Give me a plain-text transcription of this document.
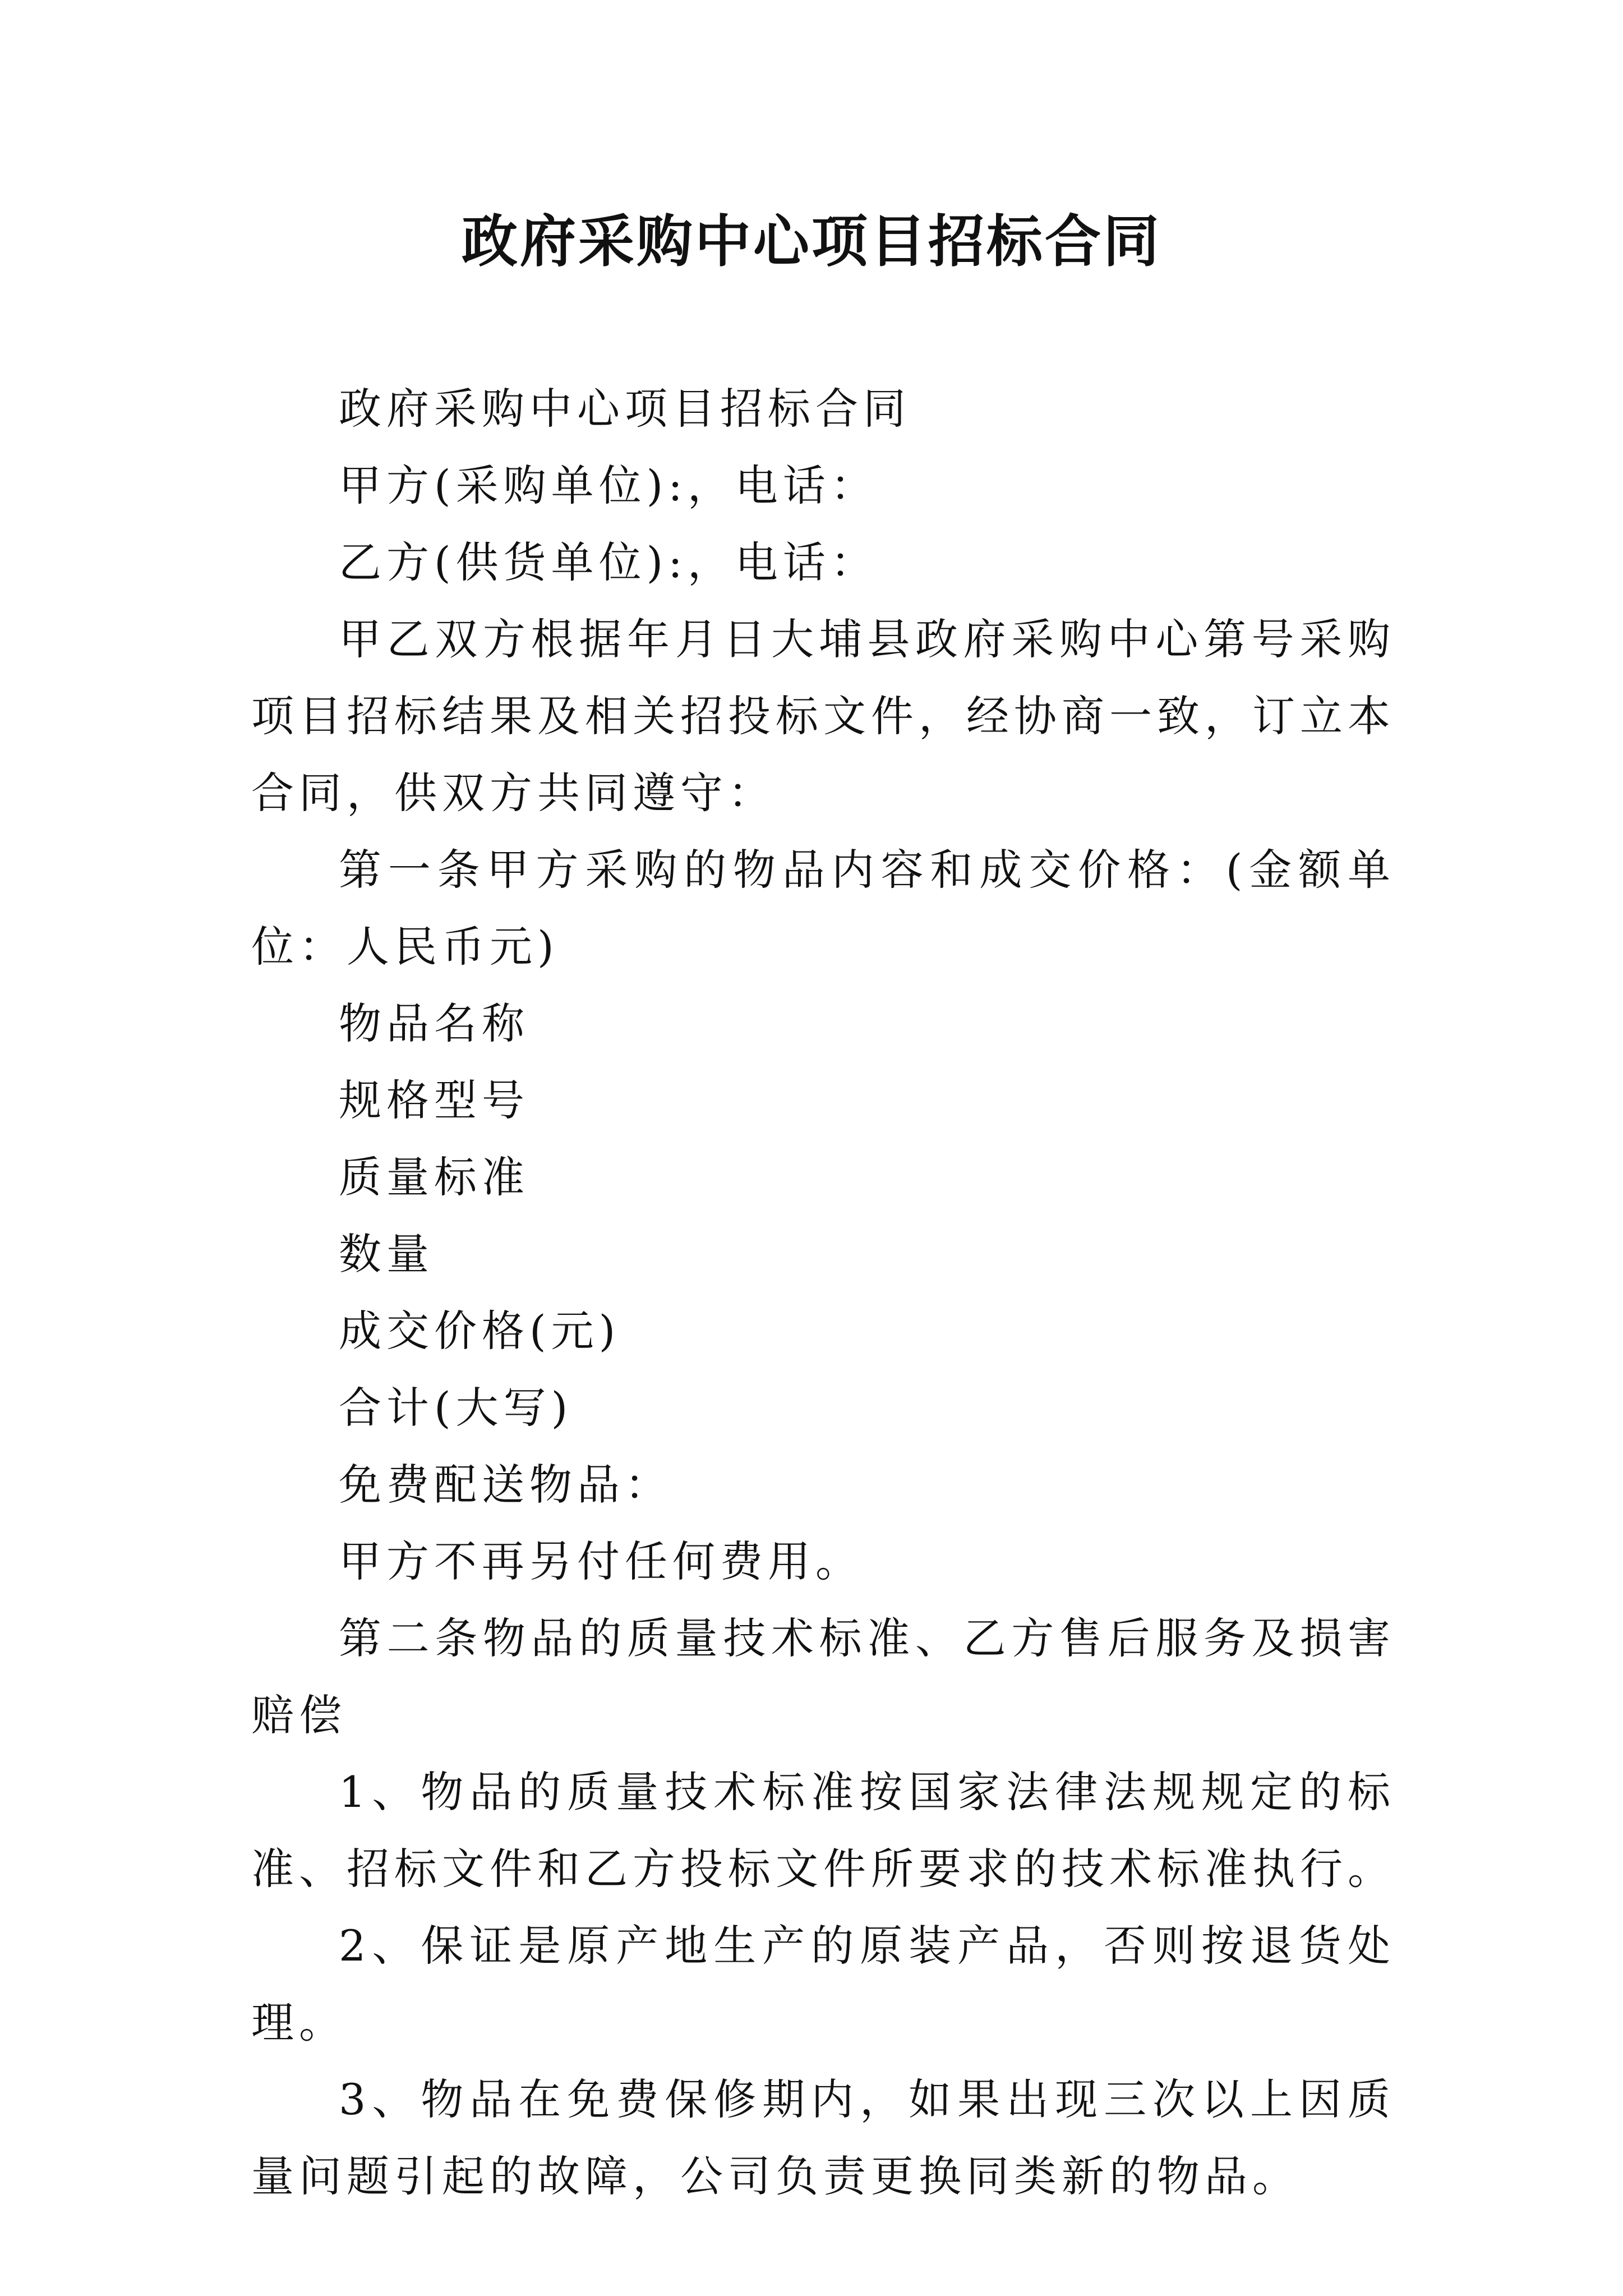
政府采购中心项目招标合同

政府采购中心项目招标合同

甲方(采购单位):，电话：

乙方(供货单位):，电话：

甲乙双方根据年月日大埔县政府采购中心第号采购项目招标结果及相关招投标文件，经协商一致，订立本合同，供双方共同遵守：

第一条甲方采购的物品内容和成交价格：(金额单位：人民币元)

物品名称

规格型号

质量标准

数量

成交价格(元)

合计(大写)

免费配送物品：

甲方不再另付任何费用。

第二条物品的质量技术标准、乙方售后服务及损害赔偿

1、物品的质量技术标准按国家法律法规规定的标准、招标文件和乙方投标文件所要求的技术标准执行。

2、保证是原产地生产的原装产品，否则按退货处理。

3、物品在免费保修期内，如果出现三次以上因质量问题引起的故障，公司负责更换同类新的物品。
